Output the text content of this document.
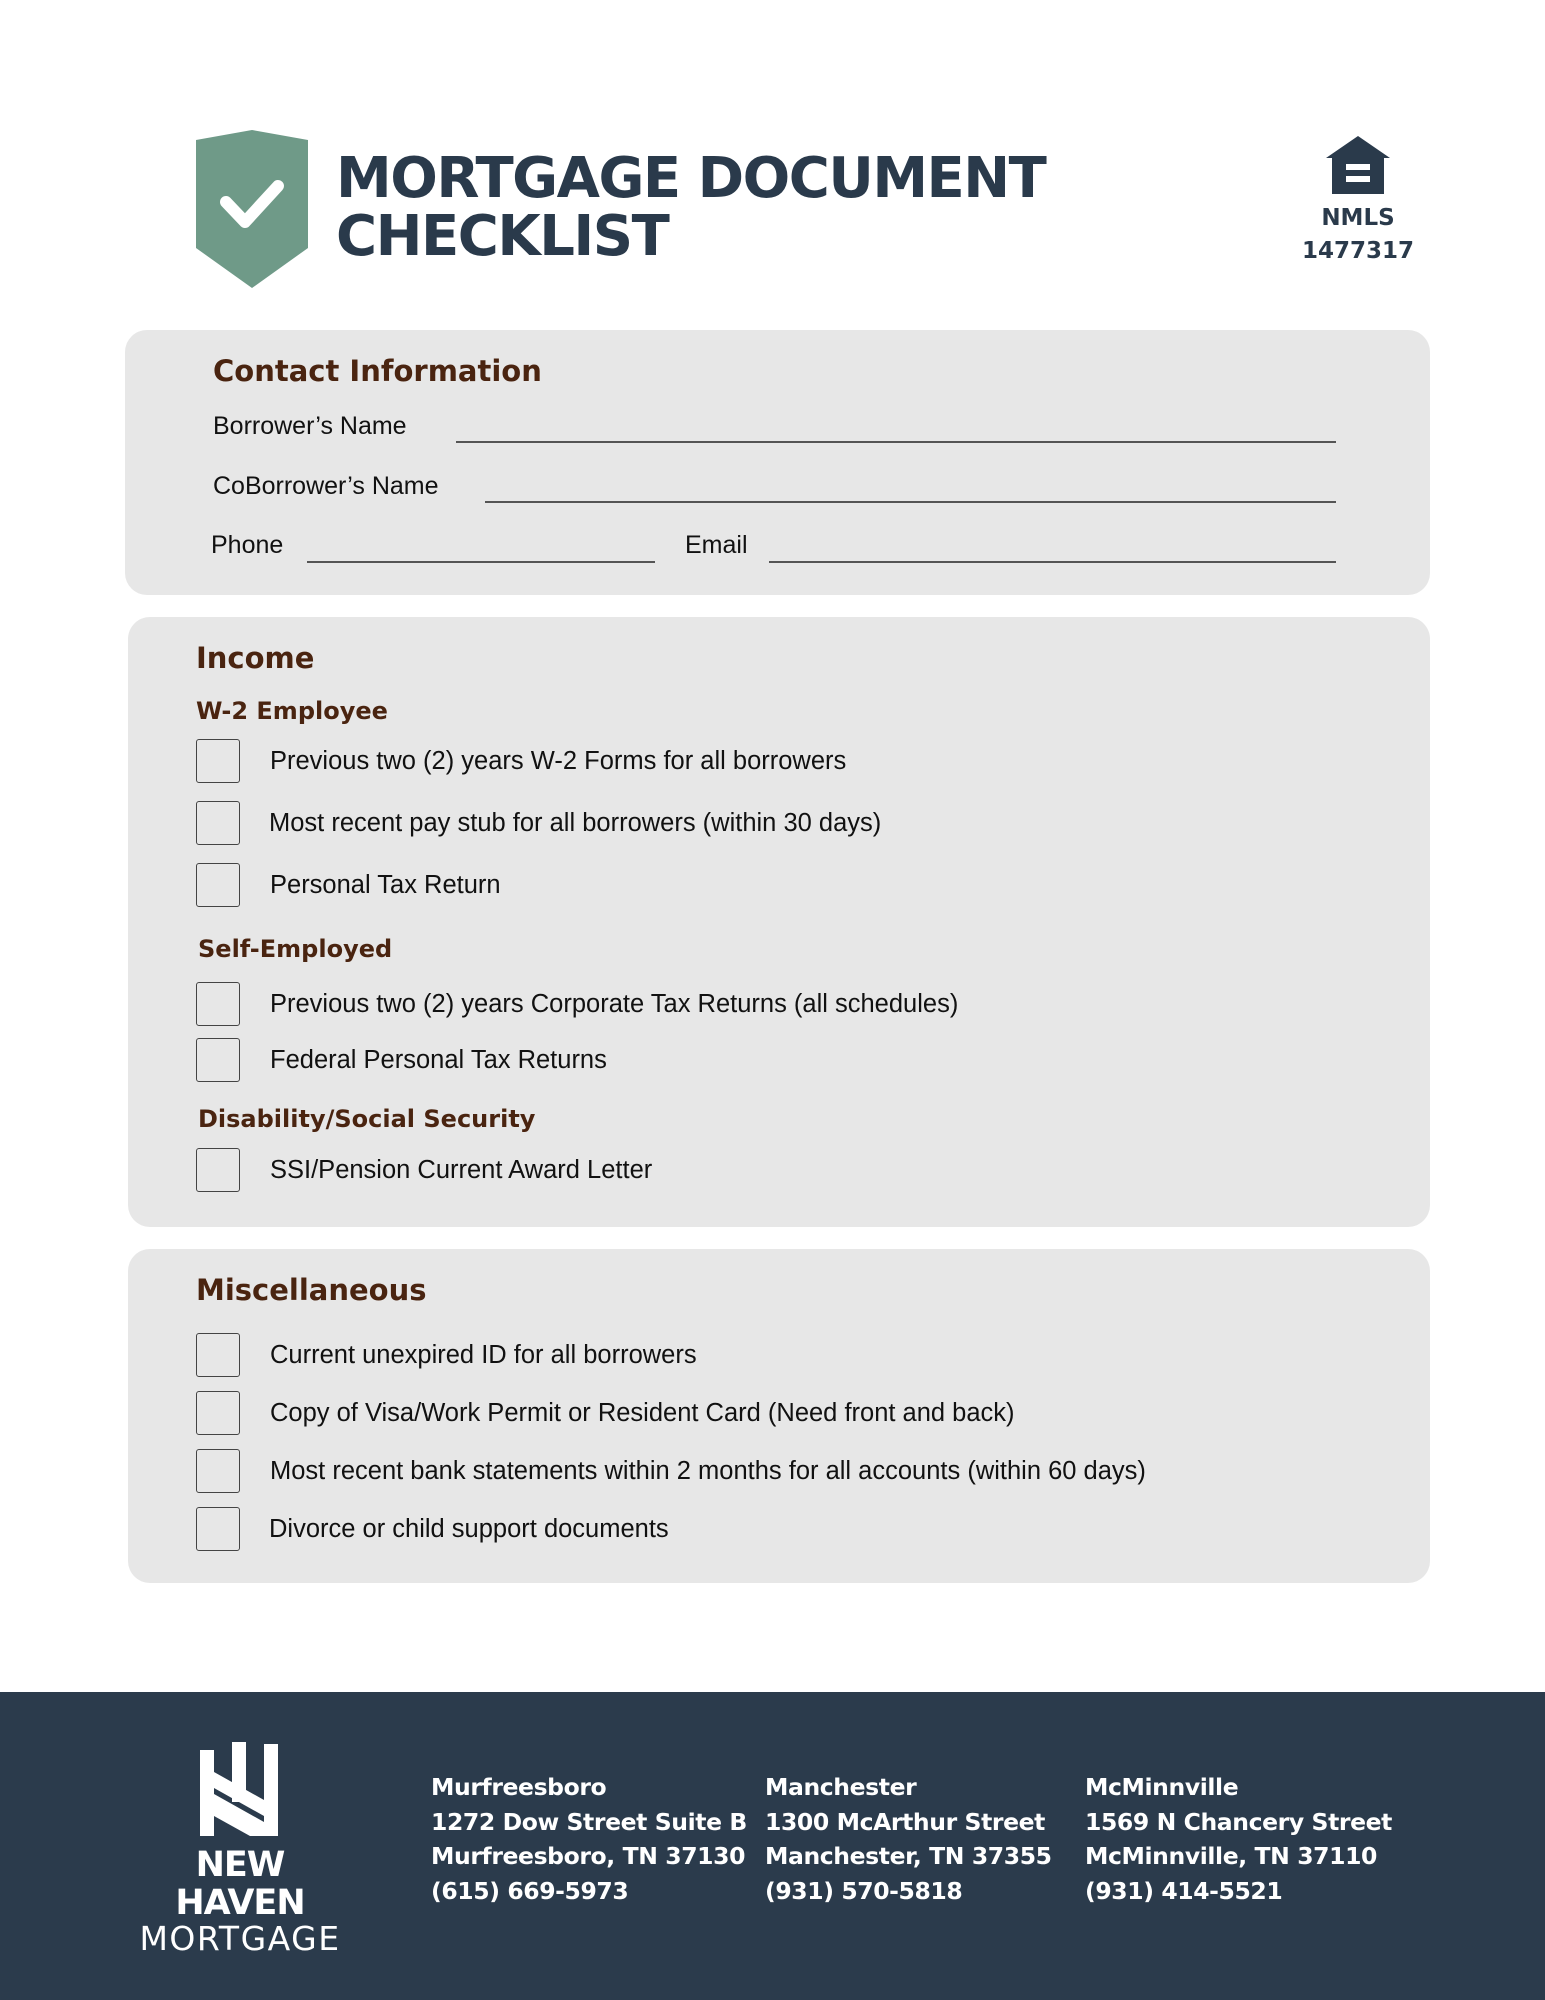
MORTGAGE DOCUMENT
CHECKLIST	NMLS
1477317
Contact Information
Borrower’s Name
CoBorrower’s Name
Phone	Email
Income
W-2 Employee
Previous two (2) years W-2 Forms for all borrowers
Most recent pay stub for all borrowers (within 30 days)
Personal Tax Return
Self-Employed
Previous two (2) years Corporate Tax Returns (all schedules)
Federal Personal Tax Returns
Disability/Social Security
SSI/Pension Current Award Letter
Miscellaneous
Current unexpired ID for all borrowers
Copy of Visa/Work Permit or Resident Card (Need front and back)
Most recent bank statements within 2 months for all accounts (within 60 days)
Divorce or child support documents
NEW HAVEN
MORTGAGE
Murfreesboro
1272 Dow Street Suite B
Murfreesboro, TN 37130
(615) 669-5973
Manchester
1300 McArthur Street
Manchester, TN 37355
(931) 570-5818
McMinnville
1569 N Chancery Street
McMinnville, TN 37110
(931) 414-5521
